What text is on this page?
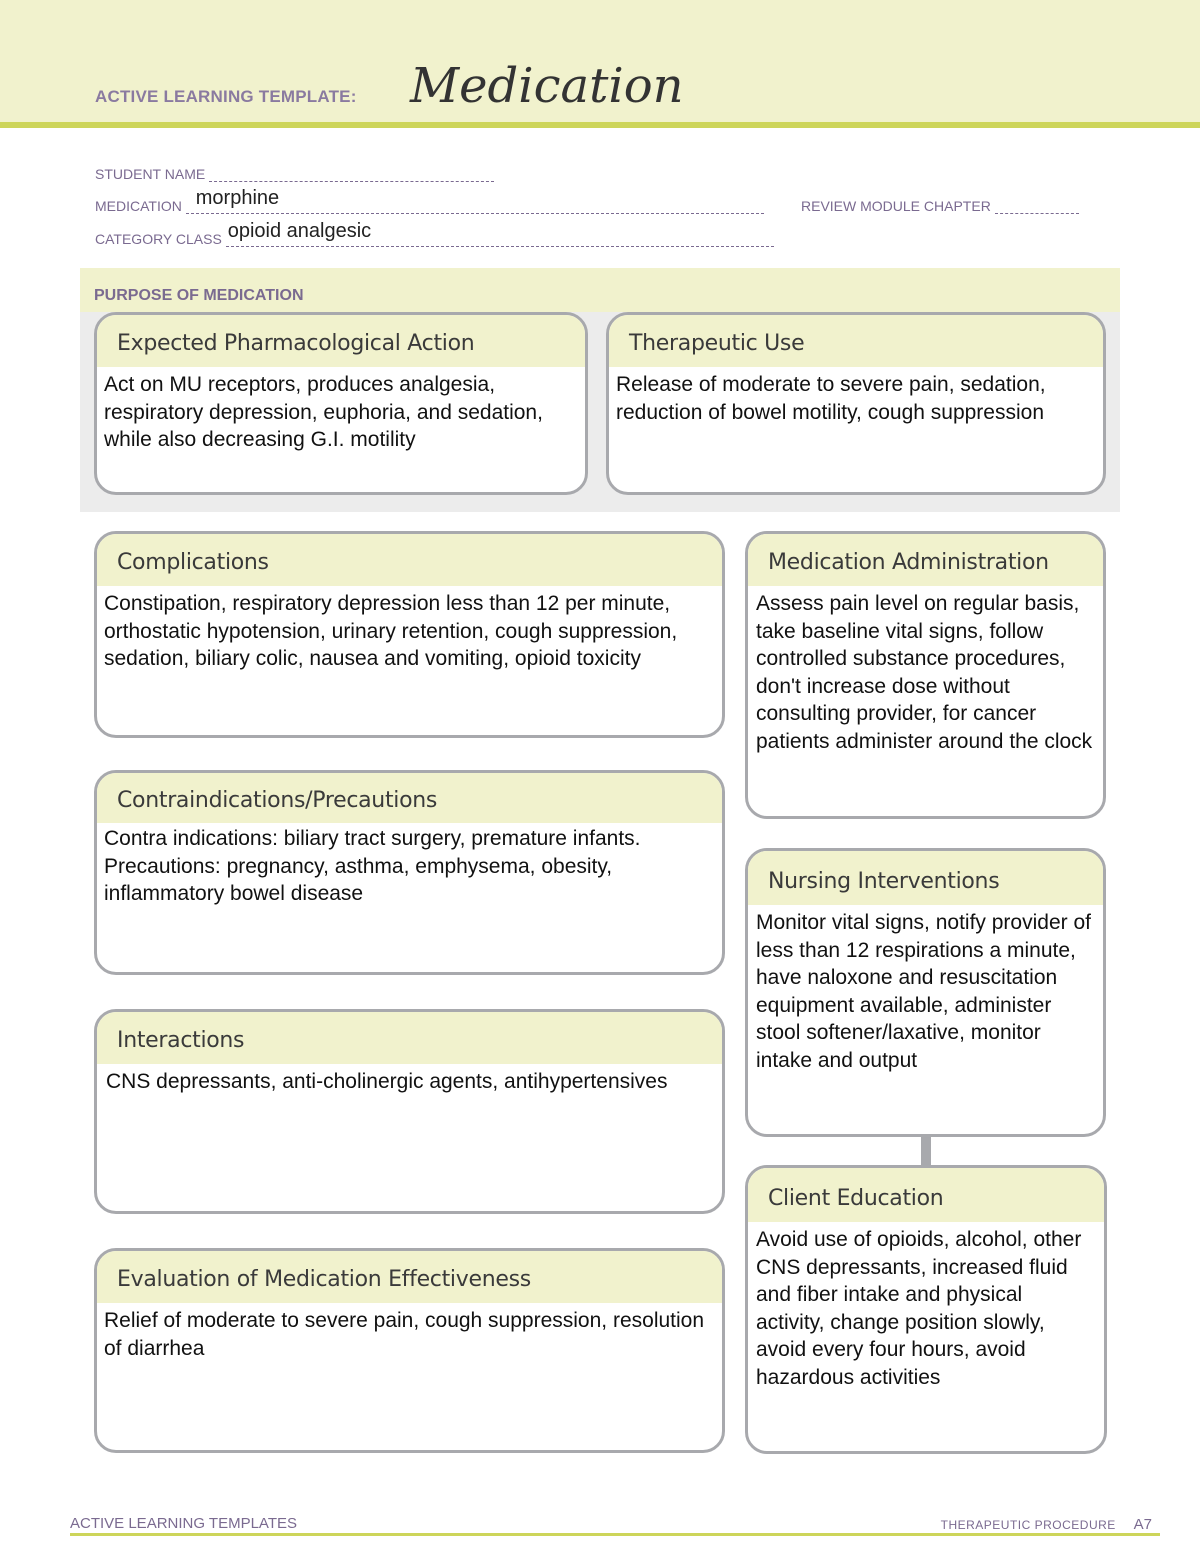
ACTIVE LEARNING TEMPLATE: Medication
STUDENT NAME
MEDICATION morphine	REVIEW MODULE CHAPTER
CATEGORY CLASS opioid analgesic
PURPOSE OF MEDICATION
Expected Pharmacological Action
Act on MU receptors, produces analgesia, respiratory depression, euphoria, and sedation, while also decreasing G.I. motility
Therapeutic Use
Release of moderate to severe pain, sedation, reduction of bowel motility, cough suppression
Complications
Constipation, respiratory depression less than 12 per minute, orthostatic hypotension, urinary retention, cough suppression, sedation, biliary colic, nausea and vomiting, opioid toxicity
Contraindications/Precautions
Contra indications: biliary tract surgery, premature infants. Precautions: pregnancy, asthma, emphysema, obesity, inflammatory bowel disease
Interactions
CNS depressants, anti-cholinergic agents, antihypertensives
Evaluation of Medication Effectiveness
Relief of moderate to severe pain, cough suppression, resolution of diarrhea
Medication Administration
Assess pain level on regular basis, take baseline vital signs, follow controlled substance procedures, don't increase dose without consulting provider, for cancer patients administer around the clock
Nursing Interventions
Monitor vital signs, notify provider of less than 12 respirations a minute, have naloxone and resuscitation equipment available, administer stool softener/laxative, monitor intake and output
Client Education
Avoid use of opioids, alcohol, other CNS depressants, increased fluid and fiber intake and physical activity, change position slowly, avoid every four hours, avoid hazardous activities
ACTIVE LEARNING TEMPLATES	THERAPEUTIC PROCEDURE A7
